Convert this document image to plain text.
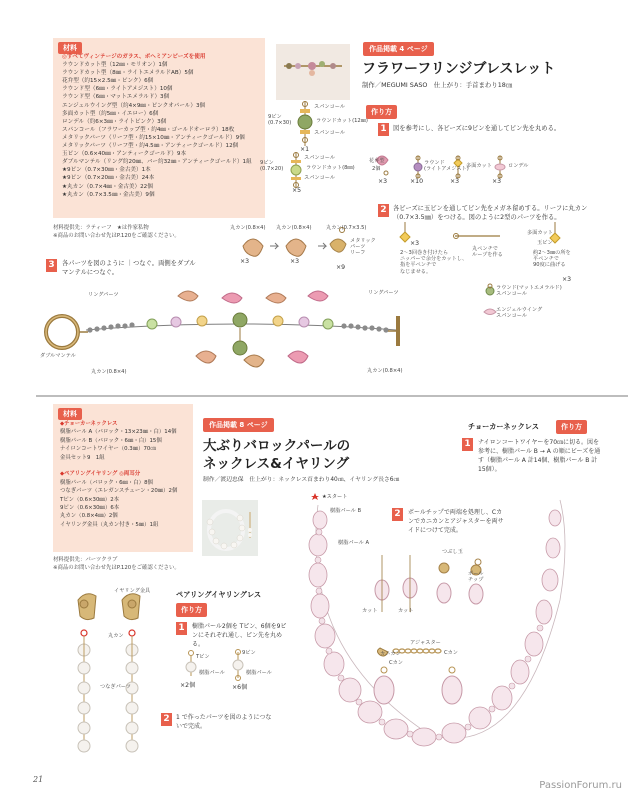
材料
◎すべてヴィンテージのガラス、ボヘミアンビーズを使用
ラウンドカット型（12㎜・モリオン）1個
ラウンドカット型（8㎜・ライトエメラルドAB）5個
花弁型（約15×2.5㎜・ピンク）6個
ラウンド型（6㎜・ライトアメジスト）10個
ラウンド型（6㎜・マットエメラルド）3個
エンジェルウイング型（約4×9㎜・ピンクオパール）3個
多面カット型（約5㎜・イエロー）6個
ロンデル（約6×3㎜・ライトピンク）3個
スパンコール（フラワーカップ型・約4㎜・ゴールドオーロラ）18枚
メタリックパーツ（リーフ型・約15×10㎜・アンティークゴールド）9個
メタリックパーツ（リーフ型・約4.5㎜・アンティークゴールド）12個
玉ピン（0.6×40㎜・アンティークゴールド）9本
ダブルマンテル（リング約20㎜、バー約32㎜・アンティークゴールド）1組
★9ピン（0.7×30㎜・金古美）1本
★9ピン（0.7×20㎜・金古美）24本
★丸カン（0.7×4㎜・金古美）22個
★丸カン（0.7×3.5㎜・金古美）9個
材料提供先：ラティーフ　★は作家私物
※商品のお問い合わせ先はP.120をご確認ください。
作品掲載 4 ページ
フラワーフリンジブレスレット
制作／MEGUMI SASO　仕上がり：手首まわり18㎝
作り方
1	図を参考にし、各ビーズに9ピンを通してピン先を丸める。
2	各ビーズに玉ピンを通してピン先をメガネ留めする。リーフに丸カン（0.7×3.5㎜）をつける。図のように2型のパーツを作る。
3	各パーツを図のように ｜つなぐ。両側をダブルマンテルにつなぐ。
9ピン
(0.7×30)
スパンコール
ラウンドカット(12㎜)
スパンコール
×1
9ピン
(0.7×20)
スパンコール
ラウンドカット(8㎜)
スパンコール
×5
花弁型
2個
×3
ラウンド
(ライトアメジスト)
×10
多面カット
×3
ロンデル
×3
丸カン(0.8×4) 丸カン(0.8×4)	丸カン(0.7×3.5)
メタリック
パーツ
リーフ
×3	×3
×9
×3
2〜3回巻き付けたら
ニッパーで余分をカットし、
指を平ペンチで
なじませる。
丸ペンチで
ループを作る
多面カット
玉ピン
約2〜3㎜の所を
平ペンチで
90度に曲げる
×3
ラウンド(マットエメラルド)
スパンコール
エンジェルウイング
スパンコール
リングパーツ	リングパーツ
ダブルマンテル
丸カン(0.8×4)	丸カン(0.8×4)
材料
◆チョーカーネックレス
樹脂パール A（バロック・13×23㎜・白）14個
樹脂パール B（バロック・6㎜・白）15個
ナイロンコートワイヤー（0.3㎜）70㎝
金具セット9　1組

◆ペアリングイヤリング ◎両耳分
樹脂パール（バロック・6㎜・白）8個
つなぎパーツ（エレガンスチェーン・20㎜）2個
Tピン（0.6×30㎜）2本
9ピン（0.6×30㎜）6本
丸カン（0.8×4㎜）2個
イヤリング金具（丸カン付き・5㎜）1組
材料提供先：パーツクラブ
※商品のお問い合わせ先はP.120をご確認ください。
作品掲載 8 ページ
大ぶりバロックパールの
ネックレス&イヤリング
制作／渡辺忠保　仕上がり：ネックレス首まわり40㎝、イヤリング長さ6㎝
チョーカーネックレス	作り方
1	ナイロンコートワイヤーを70㎝に切る。図を参考に、樹脂パール B → A の順にビーズを通す（樹脂パール A 計14個、樹脂パール B 計15個）。
2	ボールチップで両端を処理し、Cカンでカニカンとアジャスターを両サイドにつけて完成。
★スタート
樹脂パール B
樹脂パール A
カット	カット
つぶし玉
ボール
チップ
アジャスター
カニカン
Cカン
Cカン
ペアリングイヤリングレス
作り方
1	樹脂パール2個を Tピン、6個を9ピンにそれぞれ通し、ピン先を丸める。
2	1 で作ったパーツを図のようにつないで完成。
イヤリング金具
丸カン
つなぎパーツ
Tピン
9ピン
樹脂パール	樹脂パール
×2個	×6個
21
PassionForum.ru
